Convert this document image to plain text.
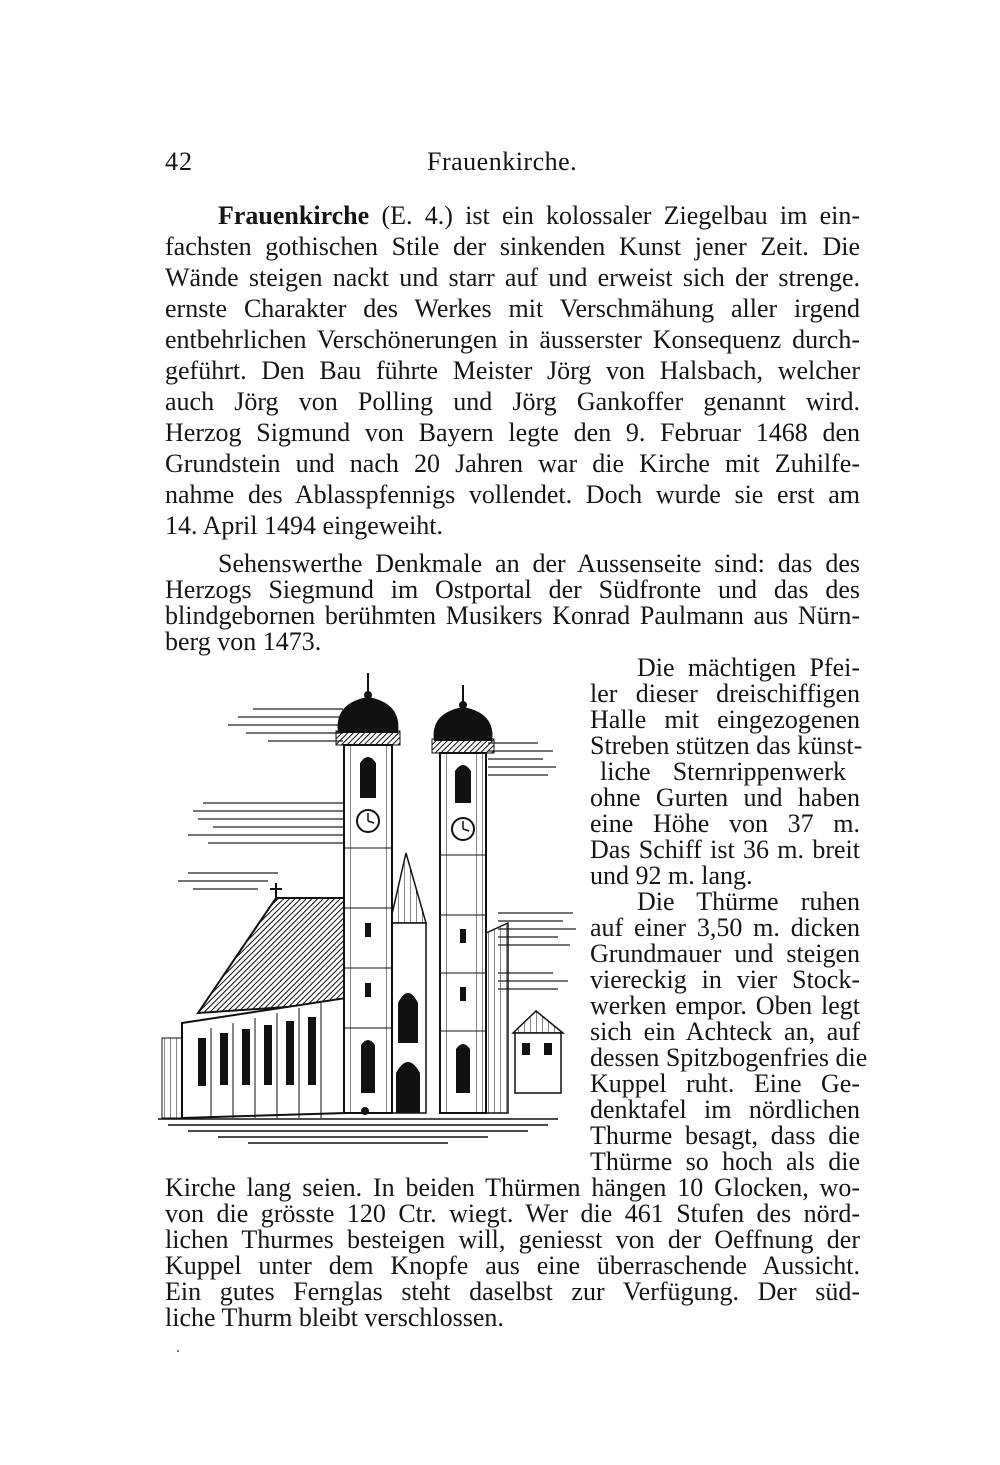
42	Frauenkirche.
Frauenkirche (E. 4.) ist ein kolossaler Ziegelbau im ein-
fachsten gothischen Stile der sinkenden Kunst jener Zeit. Die
Wände steigen nackt und starr auf und erweist sich der strenge.
ernste Charakter des Werkes mit Verschmähung aller irgend
entbehrlichen Verschönerungen in äusserster Konsequenz durch-
geführt. Den Bau führte Meister Jörg von Halsbach, welcher
auch Jörg von Polling und Jörg Gankoffer genannt wird.
Herzog Sigmund von Bayern legte den 9. Februar 1468 den
Grundstein und nach 20 Jahren war die Kirche mit Zuhilfe-
nahme des Ablasspfennigs vollendet. Doch wurde sie erst am
14. April 1494 eingeweiht.
Sehenswerthe Denkmale an der Aussenseite sind: das des
Herzogs Siegmund im Ostportal der Südfronte und das des
blindgebornen berühmten Musikers Konrad Paulmann aus Nürn-
berg von 1473.
Die mächtigen Pfei-
ler dieser dreischiffigen
Halle mit eingezogenen
Streben stützen das künst-
liche Sternrippenwerk
ohne Gurten und haben
eine Höhe von 37 m.
Das Schiff ist 36 m. breit
und 92 m. lang.
Die Thürme ruhen
auf einer 3,50 m. dicken
Grundmauer und steigen
viereckig in vier Stock-
werken empor. Oben legt
sich ein Achteck an, auf
dessen Spitzbogenfries die
Kuppel ruht. Eine Ge-
denktafel im nördlichen
Thurme besagt, dass die
Thürme so hoch als die
Kirche lang seien. In beiden Thürmen hängen 10 Glocken, wo-
von die grösste 120 Ctr. wiegt. Wer die 461 Stufen des nörd-
lichen Thurmes besteigen will, geniesst von der Oeffnung der
Kuppel unter dem Knopfe aus eine überraschende Aussicht.
Ein gutes Fernglas steht daselbst zur Verfügung. Der süd-
liche Thurm bleibt verschlossen.
